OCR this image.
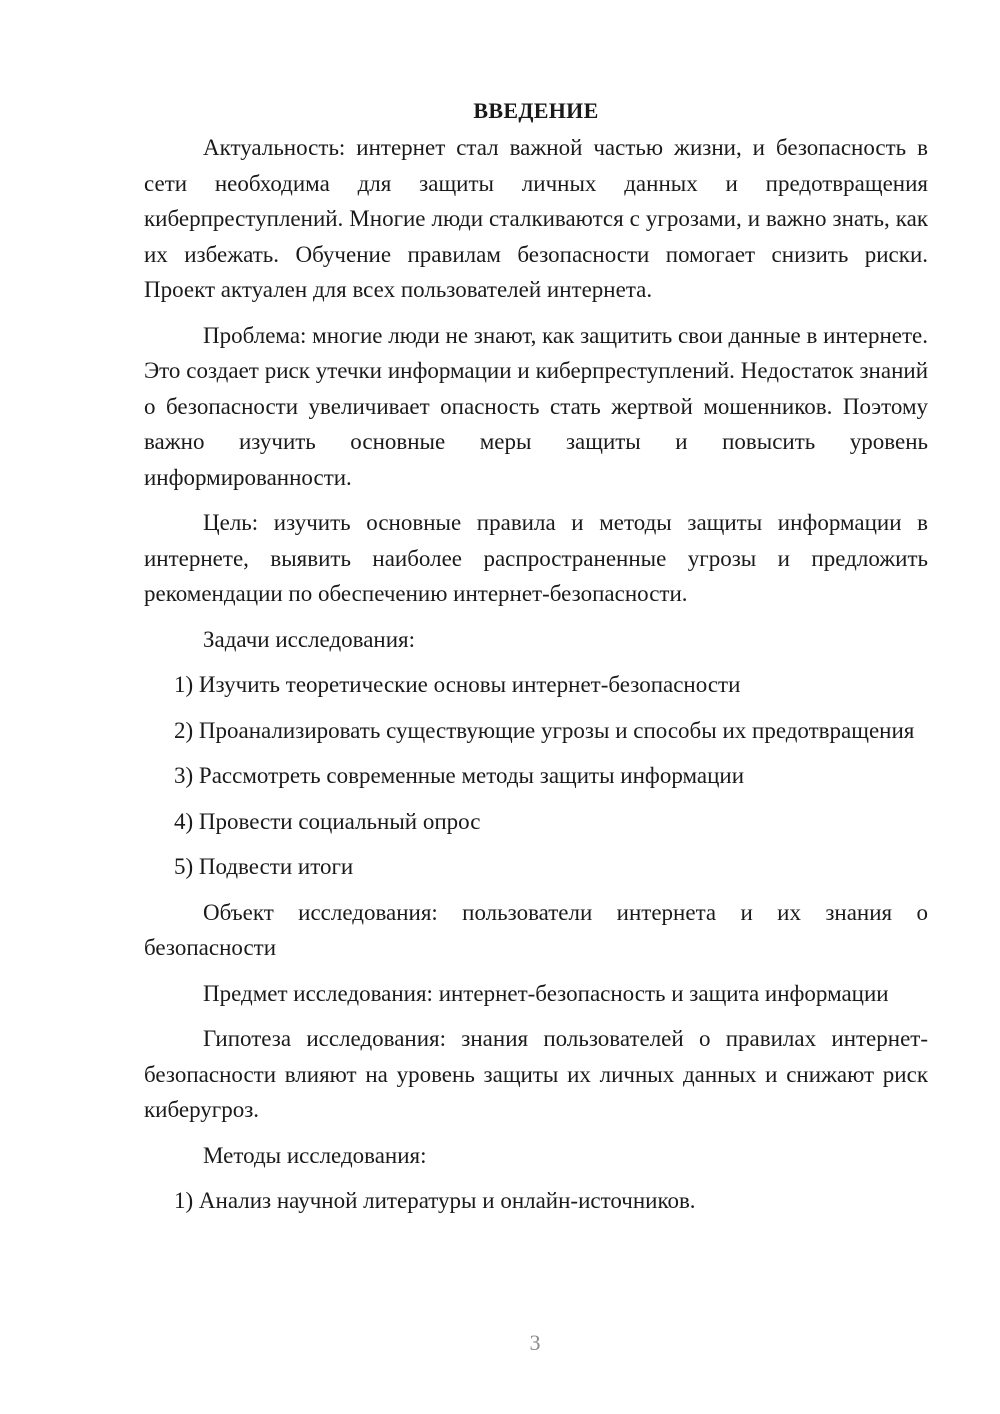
ВВЕДЕНИЕ

Актуальность: интернет стал важной частью жизни, и безопасность в сети необходима для защиты личных данных и предотвращения киберпреступлений. Многие люди сталкиваются с угрозами, и важно знать, как их избежать. Обучение правилам безопасности помогает снизить риски. Проект актуален для всех пользователей интернета.

Проблема: многие люди не знают, как защитить свои данные в интернете. Это создает риск утечки информации и киберпреступлений. Недостаток знаний о безопасности увеличивает опасность стать жертвой мошенников. Поэтому важно изучить основные меры защиты и повысить уровень информированности.

Цель: изучить основные правила и методы защиты информации в интернете, выявить наиболее распространенные угрозы и предложить рекомендации по обеспечению интернет-безопасности.

Задачи исследования:

1) Изучить теоретические основы интернет-безопасности

2) Проанализировать существующие угрозы и способы их предотвращения

3) Рассмотреть современные методы защиты информации

4) Провести социальный опрос

5) Подвести итоги

Объект исследования: пользователи интернета и их знания о безопасности

Предмет исследования: интернет-безопасность и защита информации

Гипотеза исследования: знания пользователей о правилах интернет-безопасности влияют на уровень защиты их личных данных и снижают риск киберугроз.

Методы исследования:

1) Анализ научной литературы и онлайн-источников.

3
